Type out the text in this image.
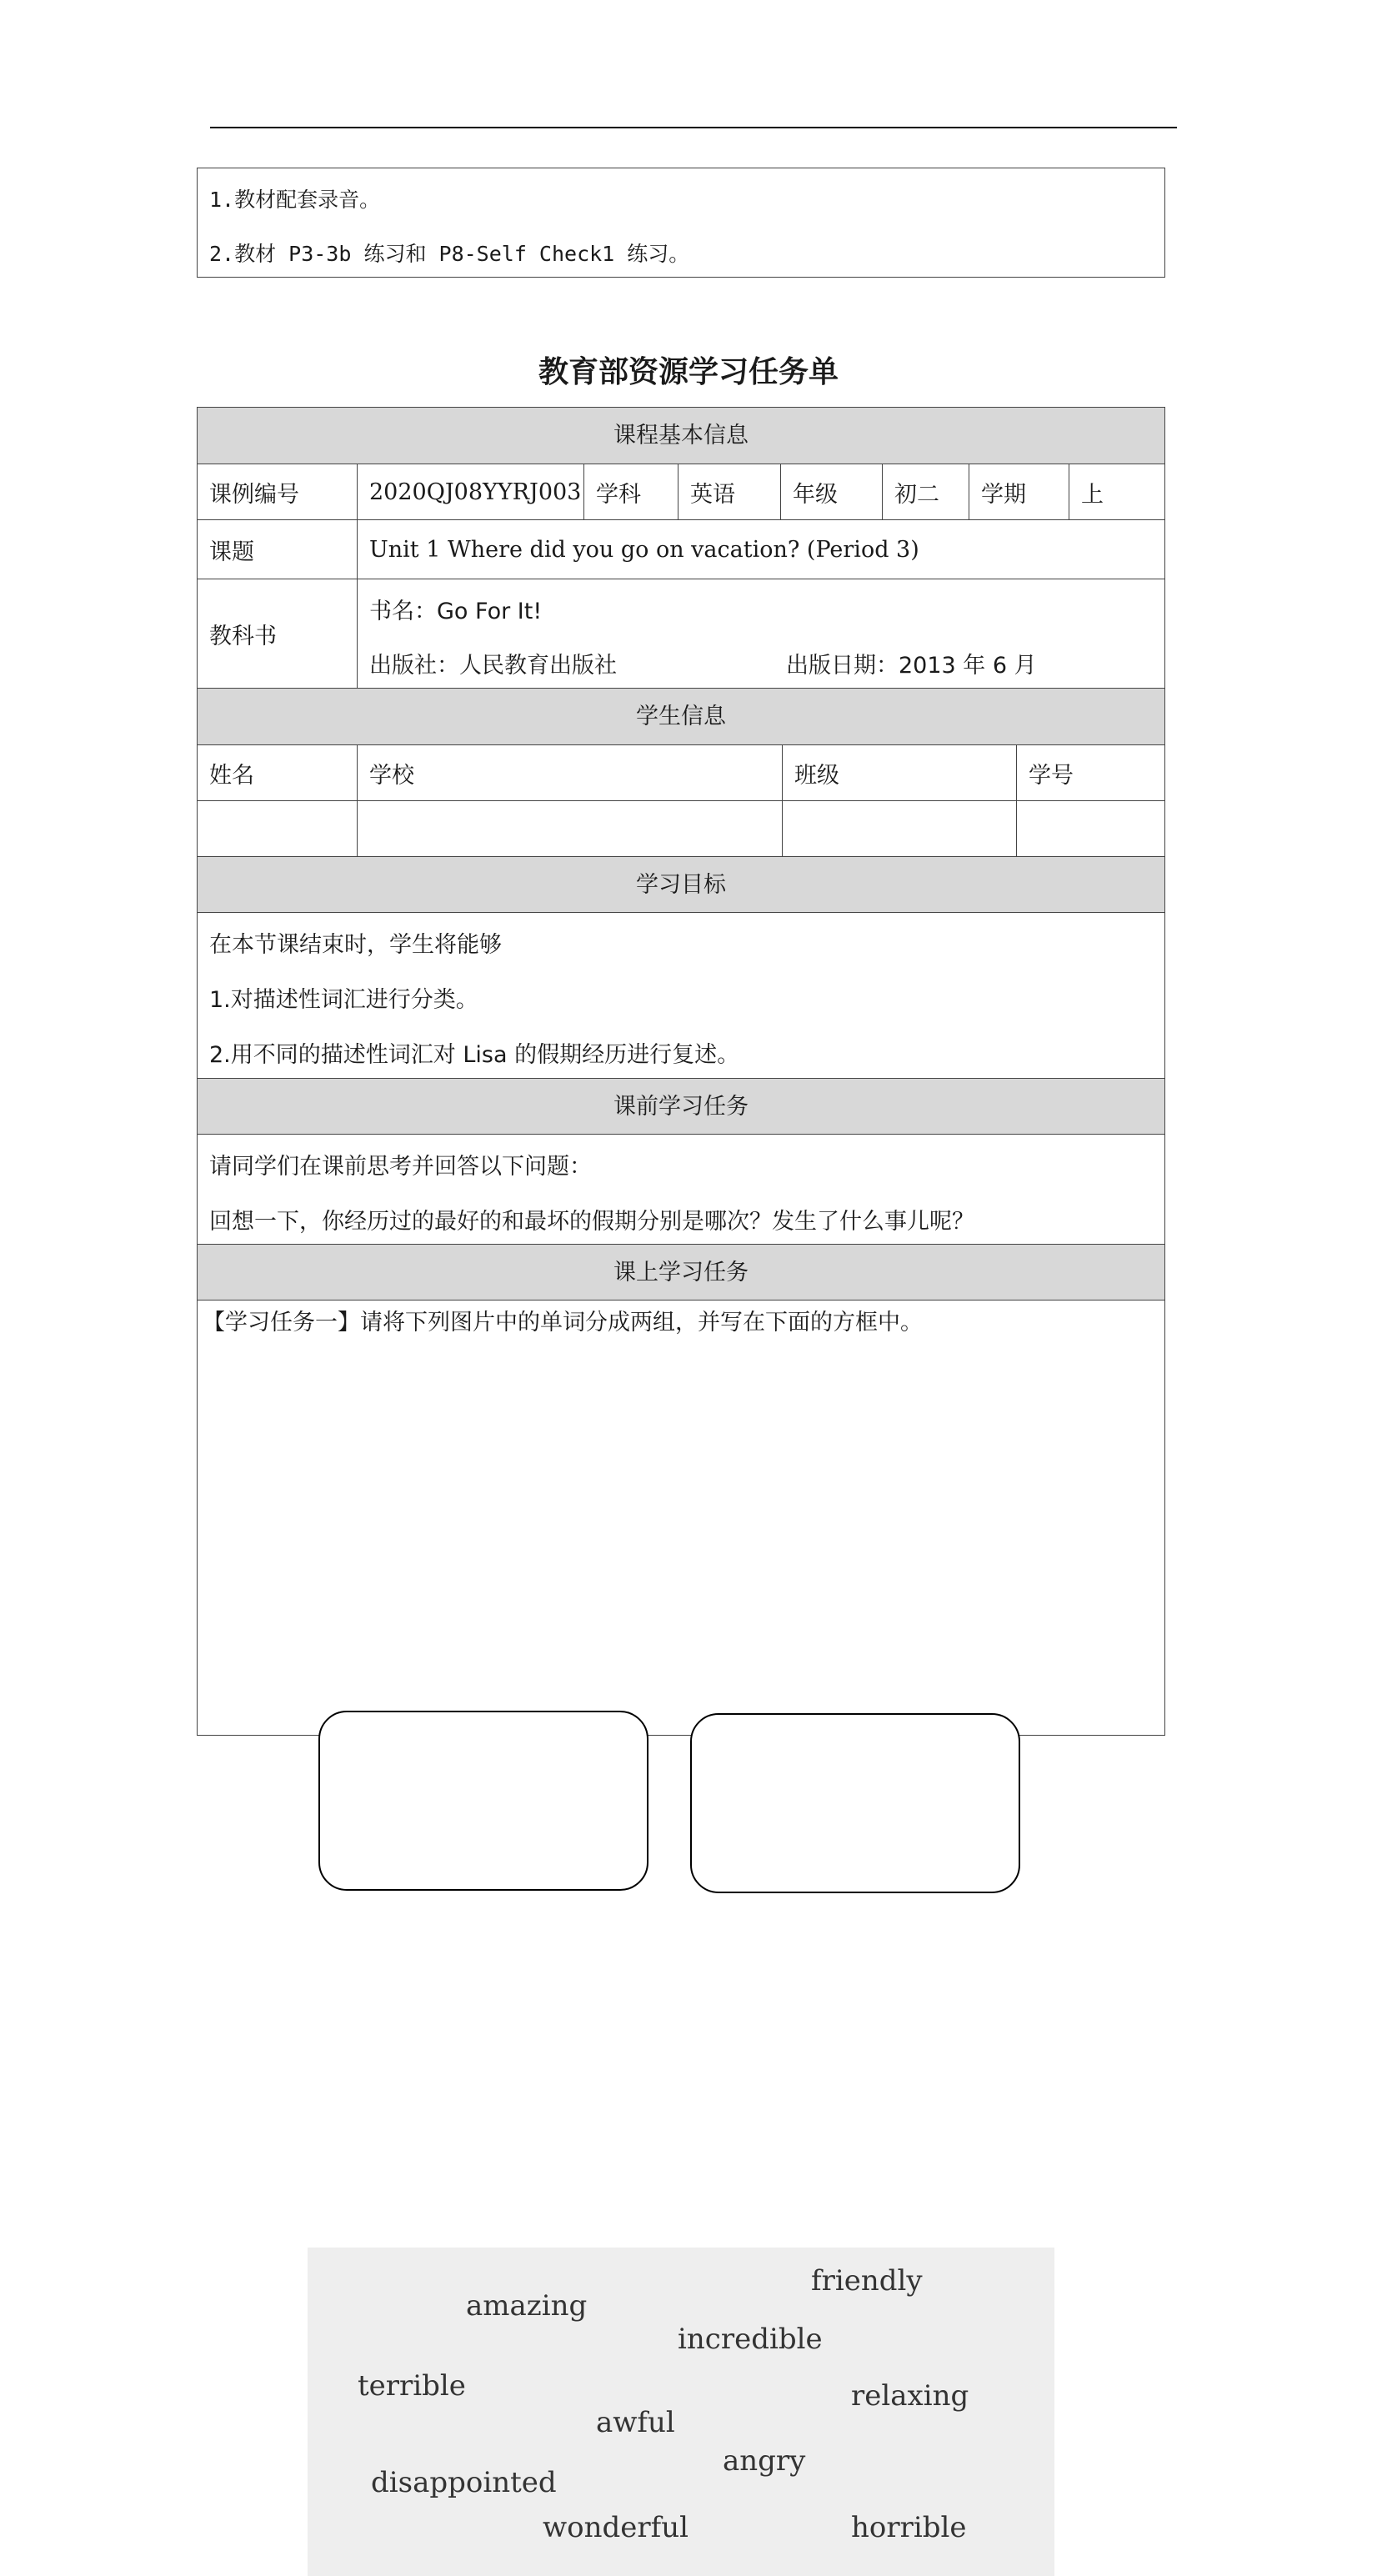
1.教材配套录音。
2.教材 P3-3b 练习和 P8-Self Check1 练习。
教育部资源学习任务单
课程基本信息
课例编号	2020QJ08YYRJ003 学科	英语	年级	初二	学期	上
课题	Unit 1 Where did you go on vacation? (Period 3)
教科书
书名：Go For It!
出版社：人民教育出版社	出版日期：2013 年 6 月
学生信息
姓名	学校	班级	学号
学习目标
在本节课结束时，学生将能够
1.对描述性词汇进行分类。
2.用不同的描述性词汇对 Lisa 的假期经历进行复述。
课前学习任务
请同学们在课前思考并回答以下问题：
回想一下，你经历过的最好的和最坏的假期分别是哪次？发生了什么事儿呢？
课上学习任务
【学习任务一】请将下列图片中的单词分成两组，并写在下面的方框中。
friendly
amazing
incredible
terrible	relaxing
awful
angry
disappointed
wonderful	horrible
